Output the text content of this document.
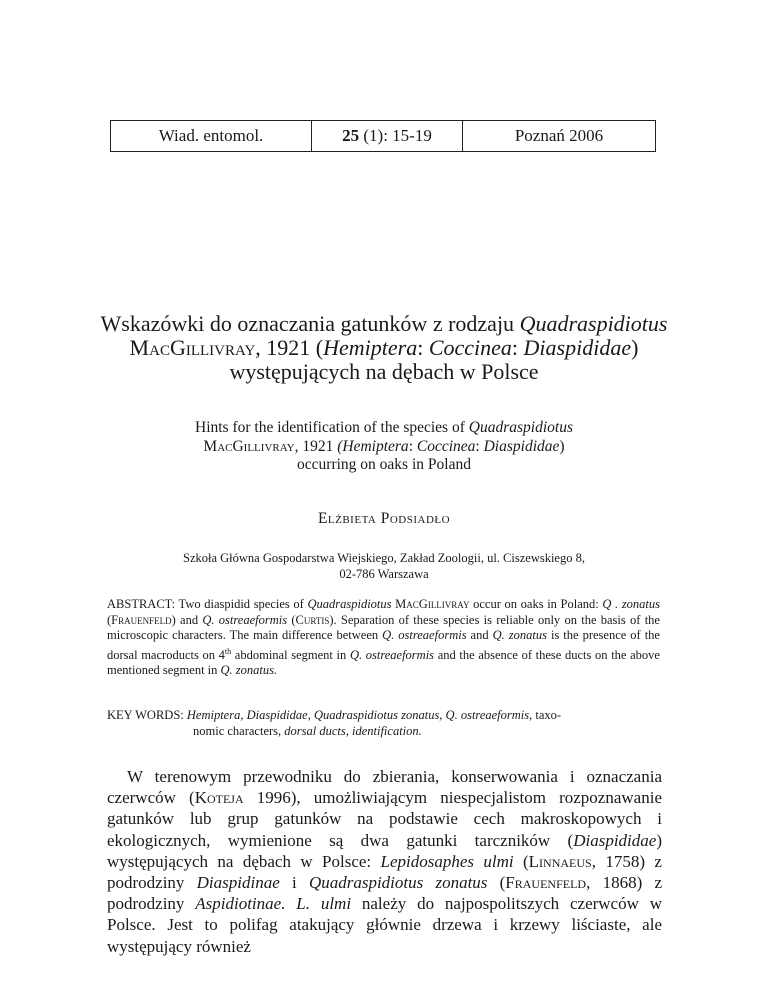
Wiad. entomol.	25 (1): 15-19	Poznań 2006
Wskazówki do oznaczania gatunków z rodzaju Quadraspidiotus
MacGillivray, 1921 (Hemiptera: Coccinea: Diaspididae)
występujących na dębach w Polsce
Hints for the identification of the species of Quadraspidiotus
MacGillivray, 1921 (Hemiptera: Coccinea: Diaspididae)
occurring on oaks in Poland
Elżbieta Podsiadło
Szkoła Główna Gospodarstwa Wiejskiego, Zakład Zoologii, ul. Ciszewskiego 8,
02-786 Warszawa
ABSTRACT: Two diaspidid species of Quadraspidiotus MacGillivray occur on oaks in Poland: Q . zonatus (Frauenfeld) and Q. ostreaeformis (Curtis). Separation of these species is reliable only on the basis of the microscopic characters. The main difference between Q. ostreaeformis and Q. zonatus is the presence of the dorsal macroducts on 4th abdominal segment in Q. ostreaeformis and the absence of these ducts on the above mentioned segment in Q. zonatus.
KEY WORDS: Hemiptera, Diaspididae, Quadraspidiotus zonatus, Q. ostreaeformis, taxo-
nomic characters, dorsal ducts, identification.

W terenowym przewodniku do zbierania, konserwowania i oznaczania czerwców (Koteja 1996), umożliwiającym niespecjalistom rozpoznawanie gatunków lub grup gatunków na podstawie cech makroskopowych i ekologicznych, wymienione są dwa gatunki tarczników (Diaspididae) występujących na dębach w Polsce: Lepidosaphes ulmi (Linnaeus, 1758) z podrodziny Diaspidinae i Quadraspidiotus zonatus (Frauenfeld, 1868) z podrodziny Aspidiotinae. L. ulmi należy do najpospolitszych czerwców w Polsce. Jest to polifag atakujący głównie drzewa i krzewy liściaste, ale występujący również
